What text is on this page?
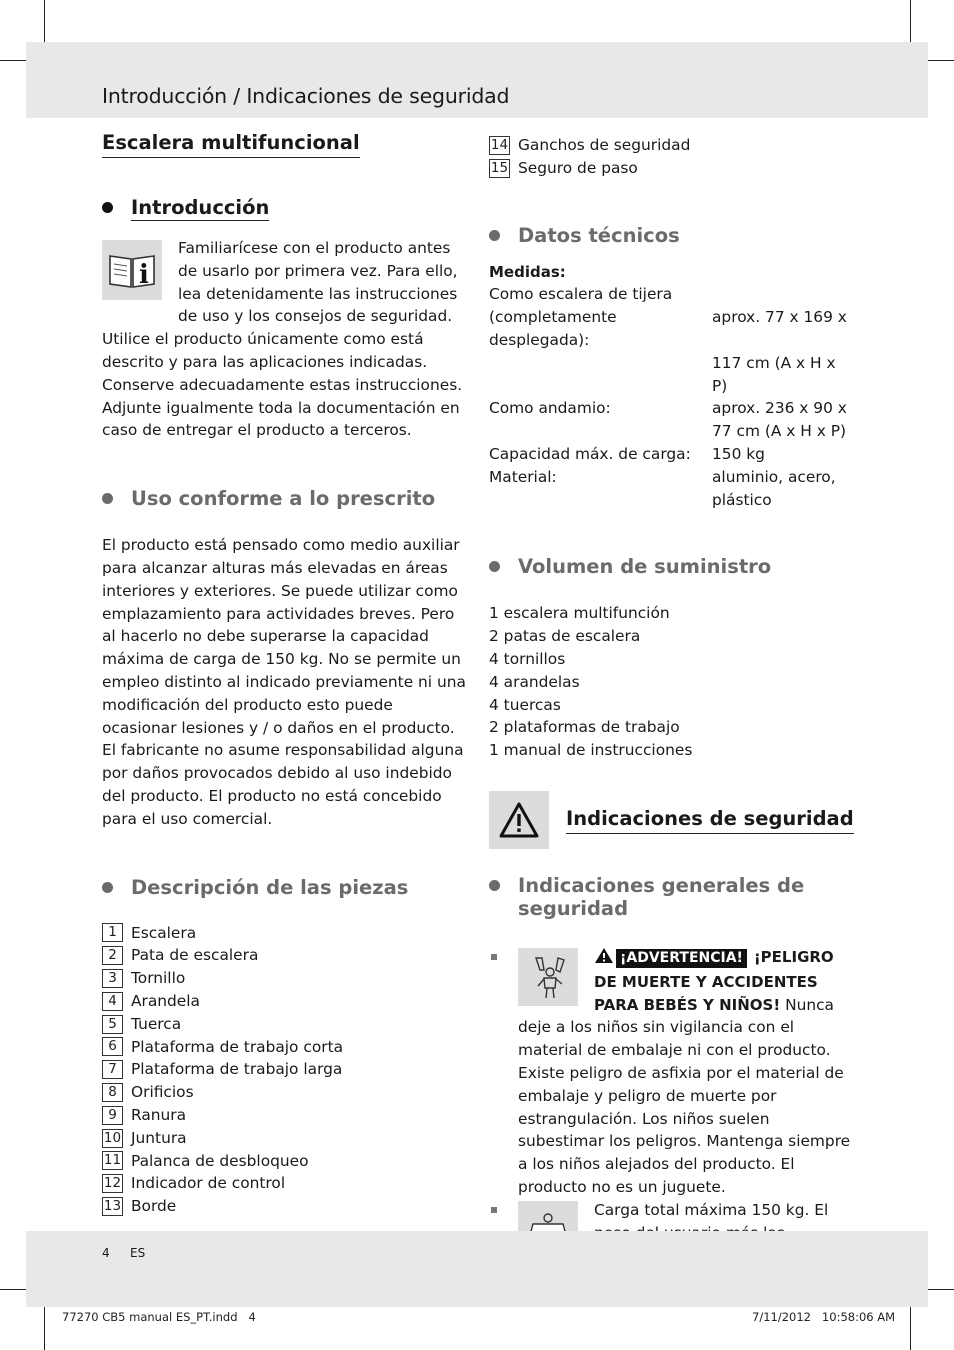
Introducción / Indicaciones de seguridad
Escalera multifuncional
Introducción
i

Familiarícese con el producto antes de usarlo por primera vez. Para ello, lea detenidamente las instrucciones de uso y los consejos de seguridad. Utilice el producto únicamente como está descrito y para las aplicaciones indicadas. Conserve adecuadamente estas instrucciones. Adjunte igualmente toda la documentación en caso de entregar el producto a terceros.

Uso conforme a lo prescrito

El producto está pensado como medio auxiliar para alcanzar alturas más elevadas en áreas interiores y exteriores. Se puede utilizar como emplazamiento para actividades breves. Pero al hacerlo no debe superarse la capacidad máxima de carga de 150 kg. No se permite un empleo distinto al indicado previamente ni una modificación del producto esto puede ocasionar lesiones y / o daños en el producto. El fabricante no asume responsabilidad alguna por daños provocados debido al uso indebido del producto. El producto no está concebido para el uso comercial.

Descripción de las piezas
1 Escalera
2 Pata de escalera
3 Tornillo
4 Arandela
5 Tuerca
6 Plataforma de trabajo corta
7 Plataforma de trabajo larga
8 Orificios
9 Ranura
10 Juntura
11 Palanca de desbloqueo
12 Indicador de control
13 Borde
14 Ganchos de seguridad
15 Seguro de paso
Datos técnicos

Medidas:

Como escalera de tijera

(completamente desplegada):
aprox. 77 x 169 x
117 cm (A x H x P)
Como andamio:	aprox. 236 x 90 x
77 cm (A x H x P)
Capacidad máx. de carga:	150 kg
Material:	aluminio, acero,
plástico
Volumen de suministro

1 escalera multifunción

2 patas de escalera

4 tornillos

4 arandelas

4 tuercas

2 plataformas de trabajo

1 manual de instrucciones

Indicaciones de seguridad
Indicaciones generales de seguridad

¡ADVERTENCIA! ¡PELIGRO DE MUERTE Y ACCIDENTES PARA BEBÉS Y NIÑOS! Nunca deje a los niños sin vigilancia con el material de embalaje ni con el producto. Existe peligro de asfixia por el material de embalaje y peligro de muerte por estrangulación. Los niños suelen subestimar los peligros. Mantenga siempre a los niños alejados del producto. El producto no es un juguete.

Carga total máxima 150 kg. El

4 ES
77270 CB5 manual ES_PT.indd   4	7/11/2012   10:58:06 AM
